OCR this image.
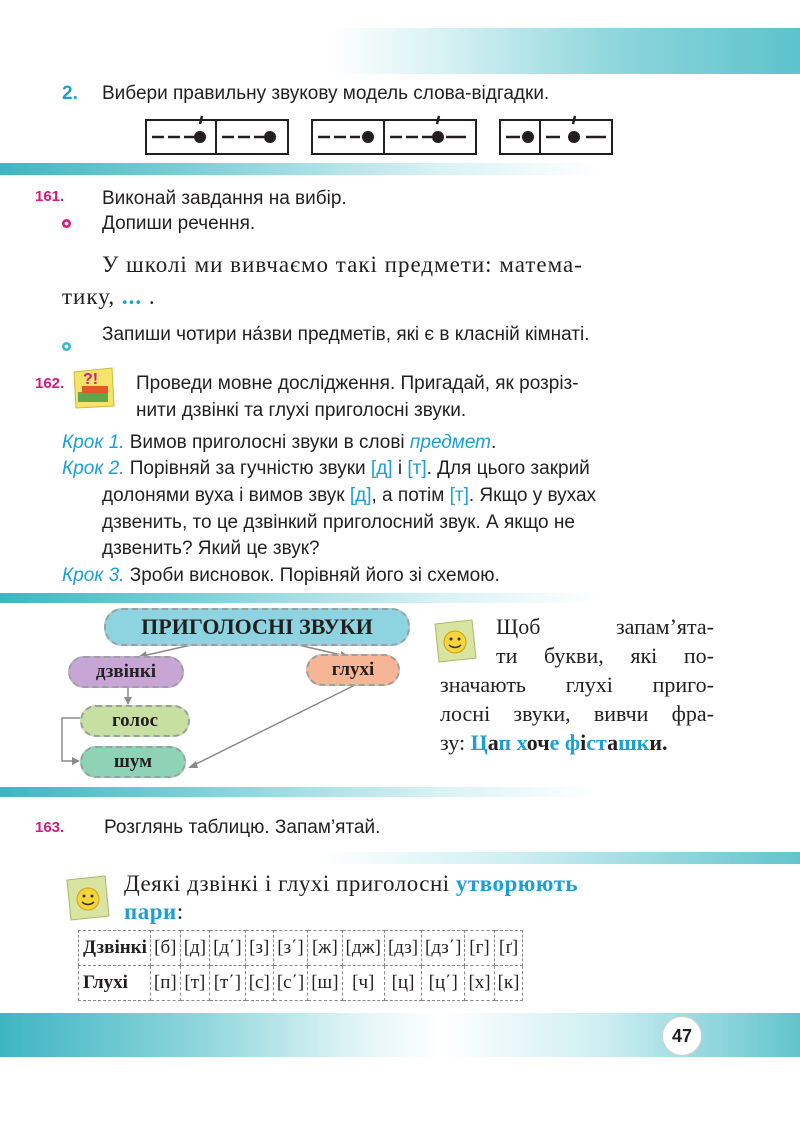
2. Вибери правильну звукову модель слова-відгадки.
161. Виконай завдання на вибір.
Допиши речення.
У школі ми вивчаємо такі предмети: матема-
тику, ... .
Запиши чотири на́зви предметів, які є в класній кімнаті.
162. ?! Проведи мовне дослідження. Пригадай, як розріз-
нити дзвінкі та глухі приголосні звуки.
Крок 1. Вимов приголосні звуки в слові предмет.
Крок 2. Порівняй за гучністю звуки [д] і [т]. Для цього закрий
долонями вуха і вимов звук [д], а потім [т]. Якщо у вухах
дзвенить, то це дзвінкий приголосний звук. А якщо не
дзвенить? Який це звук?
Крок 3. Зроби висновок. Порівняй його зі схемою.
ПРИГОЛОСНІ ЗВУКИ
дзвінкі	глухі
голос
шум
Щоб запам’ята-
ти букви, які по-
значають глухі приго-
лосні звуки, вивчи фра-
зу: Цап хоче фісташки.
163. Розглянь таблицю. Запам’ятай.
Деякі дзвінкі і глухі приголосні утворюють
пари:
Дзвінкі	[б]	[д]	[д΄]	[з]	[з΄]	[ж]	[дж]	[дз]	[дз΄]	[г]	[ґ]
Глухі	[п]	[т]	[т΄]	[с]	[с΄]	[ш]	[ч]	[ц]	[ц΄]	[х]	[к]
47
